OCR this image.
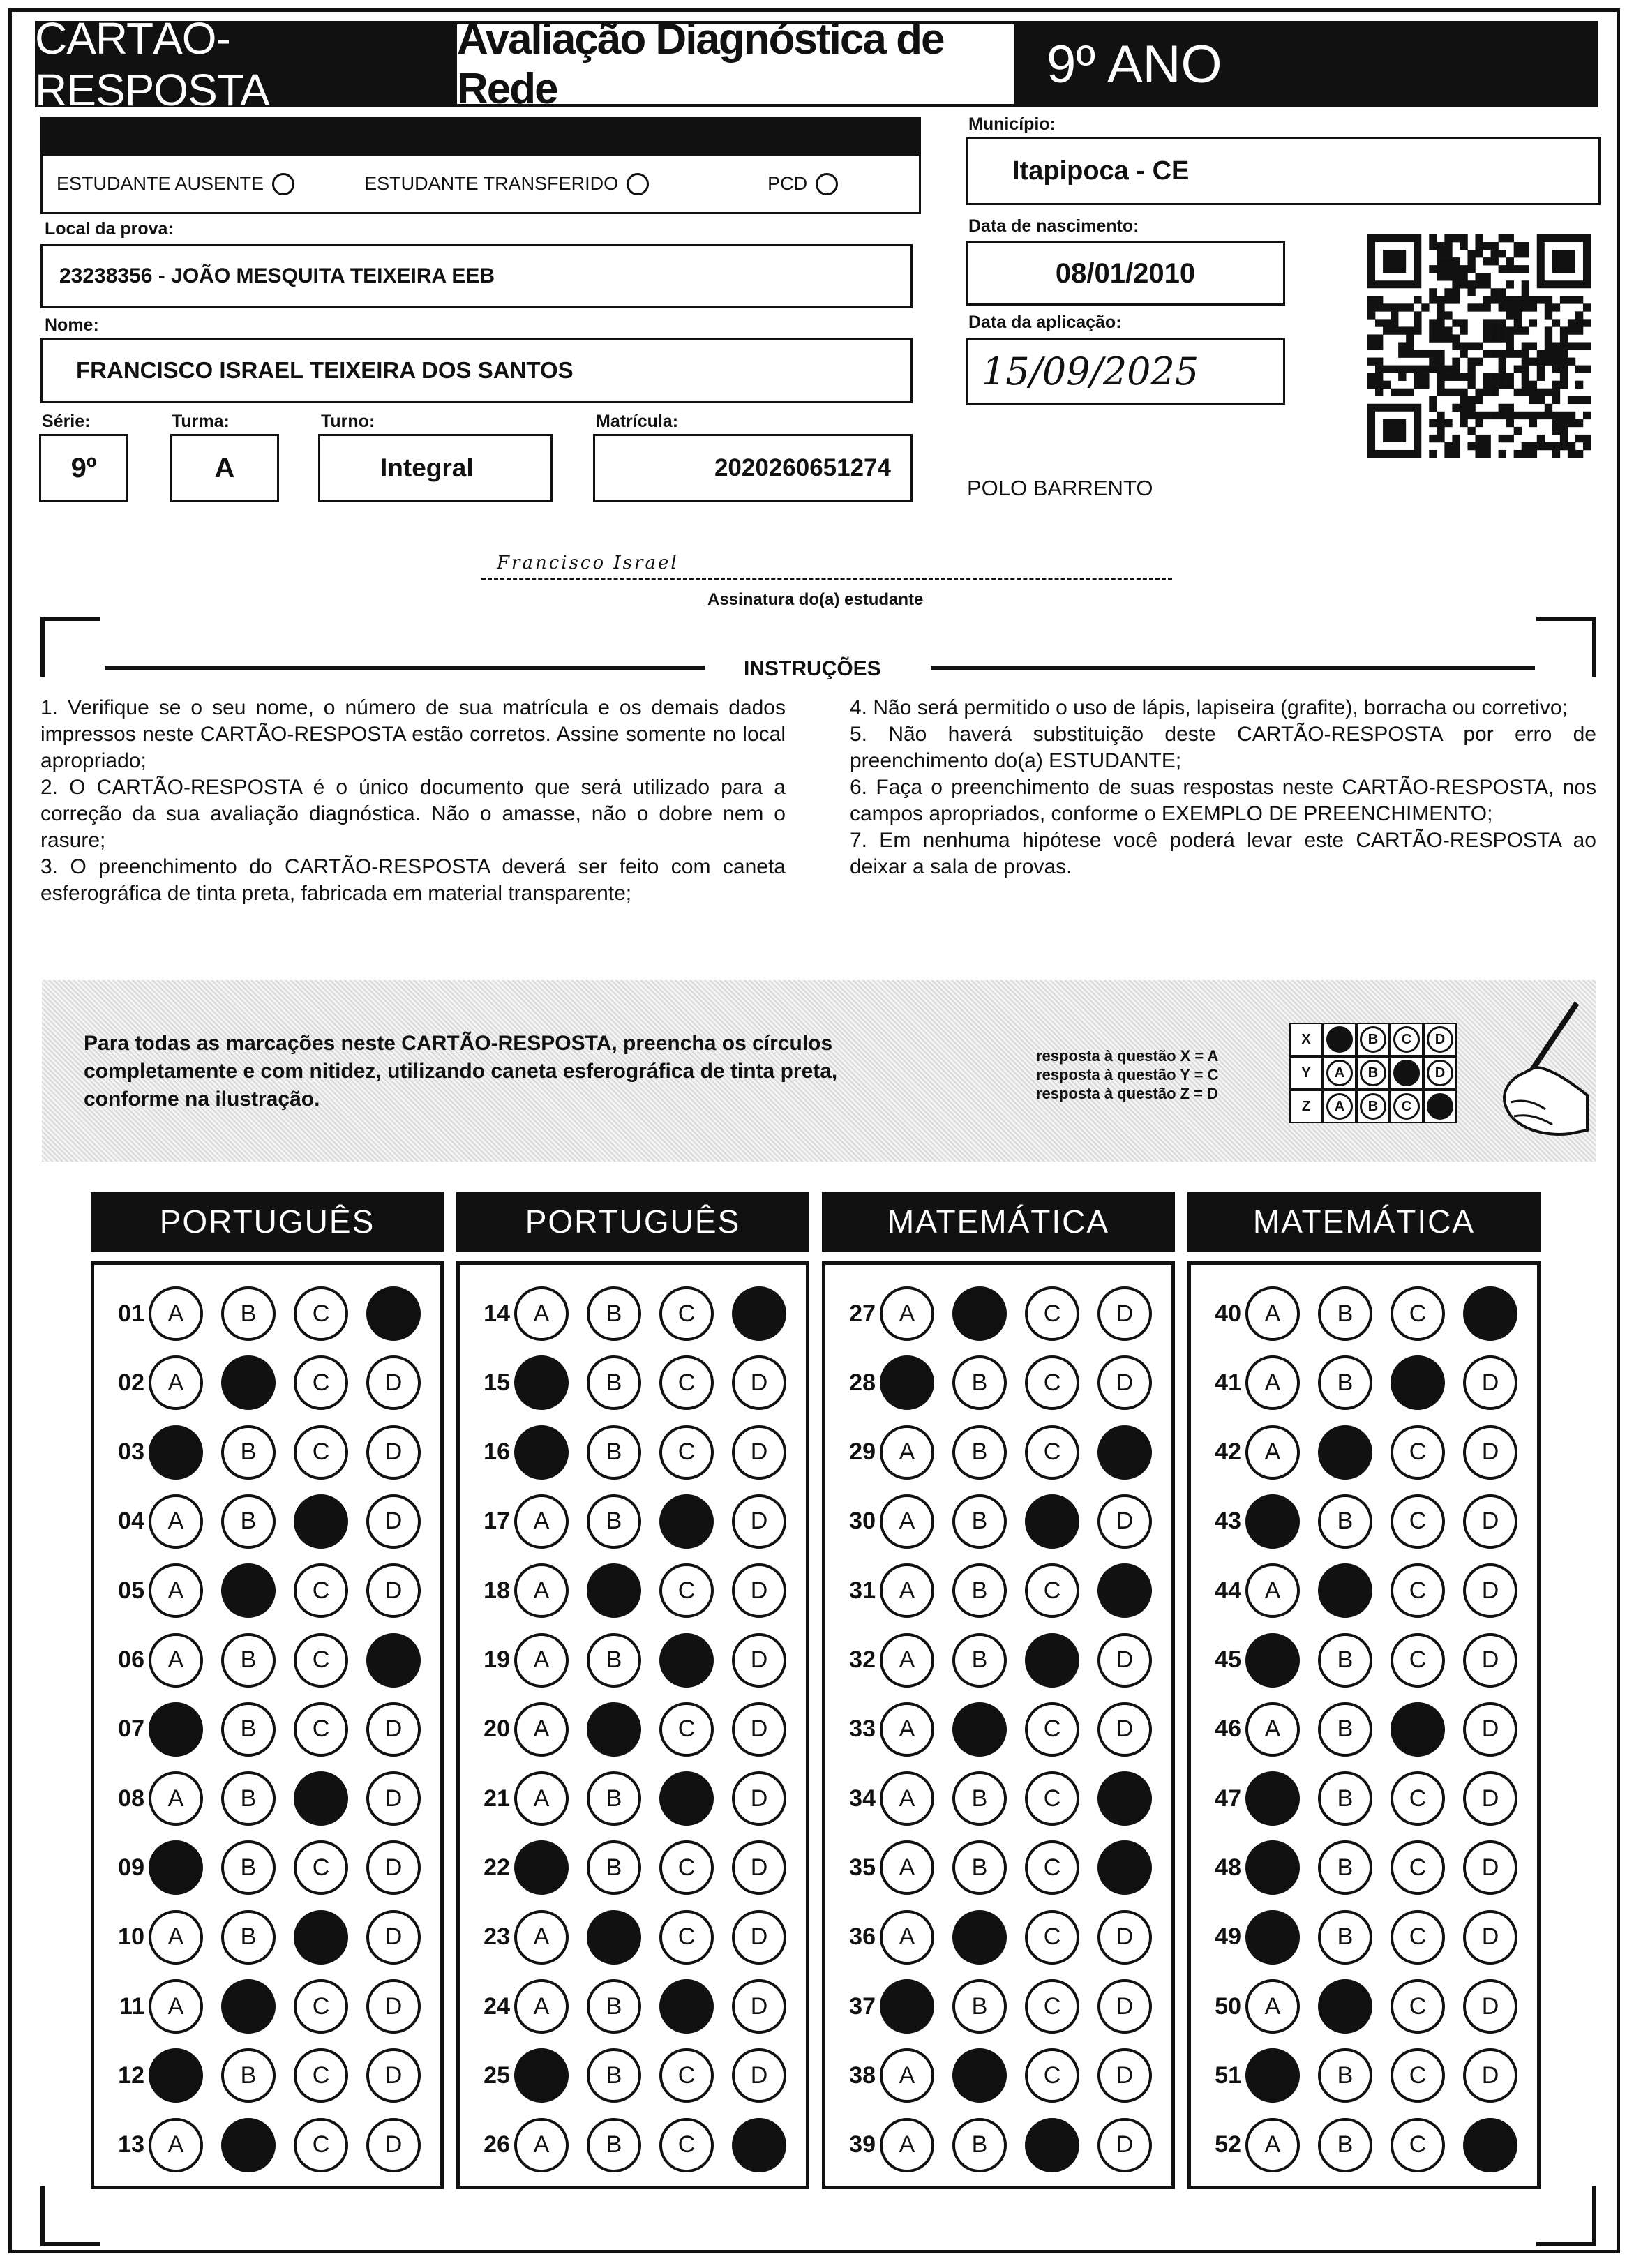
CARTÃO-RESPOSTA
Avaliação Diagnóstica de Rede	9º ANO
ESTUDANTE AUSENTE	ESTUDANTE TRANSFERIDO	PCD
Local da prova:
23238356 - JOÃO MESQUITA TEIXEIRA EEB
Nome:
FRANCISCO ISRAEL TEIXEIRA DOS SANTOS
Série:
9º
Turma:
A
Turno:
Integral
Matrícula:
2020260651274
Município:
Itapipoca - CE
Data de nascimento:
08/01/2010
Data da aplicação:
15/09/2025
POLO BARRENTO
Francisco Israel
Assinatura do(a) estudante
INSTRUÇÕES

1. Verifique se o seu nome, o número de sua matrícula e os demais dados impressos neste CARTÃO-RESPOSTA estão corretos. Assine somente no local apropriado;

2. O CARTÃO-RESPOSTA é o único documento que será utilizado para a correção da sua avaliação diagnóstica. Não o amasse, não o dobre nem o rasure;

3. O preenchimento do CARTÃO-RESPOSTA deverá ser feito com caneta esferográfica de tinta preta, fabricada em material transparente;

4. Não será permitido o uso de lápis, lapiseira (grafite), borracha ou corretivo;

5. Não haverá substituição deste CARTÃO-RESPOSTA por erro de preenchimento do(a) ESTUDANTE;

6. Faça o preenchimento de suas respostas neste CARTÃO-RESPOSTA, nos campos apropriados, conforme o EXEMPLO DE PREENCHIMENTO;

7. Em nenhuma hipótese você poderá levar este CARTÃO-RESPOSTA ao deixar a sala de provas.

Para todas as marcações neste CARTÃO-RESPOSTA, preencha os círculos completamente e com nitidez, utilizando caneta esferográfica de tinta preta, conforme na ilustração.
resposta à questão X = A
resposta à questão Y = C
resposta à questão Z = D
X	A	B	C	D
Y	A	B	C	D
Z	A	B	C	D
PORTUGUÊS
01 A	B	C	D
02 A	B	C	D
03 A	B	C	D
04 A	B	C	D
05 A	B	C	D
06 A	B	C	D
07 A	B	C	D
08 A	B	C	D
09 A	B	C	D
10 A	B	C	D
11 A	B	C	D
12 A	B	C	D
13 A	B	C	D
PORTUGUÊS
14 A	B	C	D
15 A	B	C	D
16 A	B	C	D
17 A	B	C	D
18 A	B	C	D
19 A	B	C	D
20 A	B	C	D
21 A	B	C	D
22 A	B	C	D
23 A	B	C	D
24 A	B	C	D
25 A	B	C	D
26 A	B	C	D
MATEMÁTICA
27 A	B	C	D
28 A	B	C	D
29 A	B	C	D
30 A	B	C	D
31 A	B	C	D
32 A	B	C	D
33 A	B	C	D
34 A	B	C	D
35 A	B	C	D
36 A	B	C	D
37 A	B	C	D
38 A	B	C	D
39 A	B	C	D
MATEMÁTICA
40 A	B	C	D
41 A	B	C	D
42 A	B	C	D
43 A	B	C	D
44 A	B	C	D
45 A	B	C	D
46 A	B	C	D
47 A	B	C	D
48 A	B	C	D
49 A	B	C	D
50 A	B	C	D
51 A	B	C	D
52 A	B	C	D
